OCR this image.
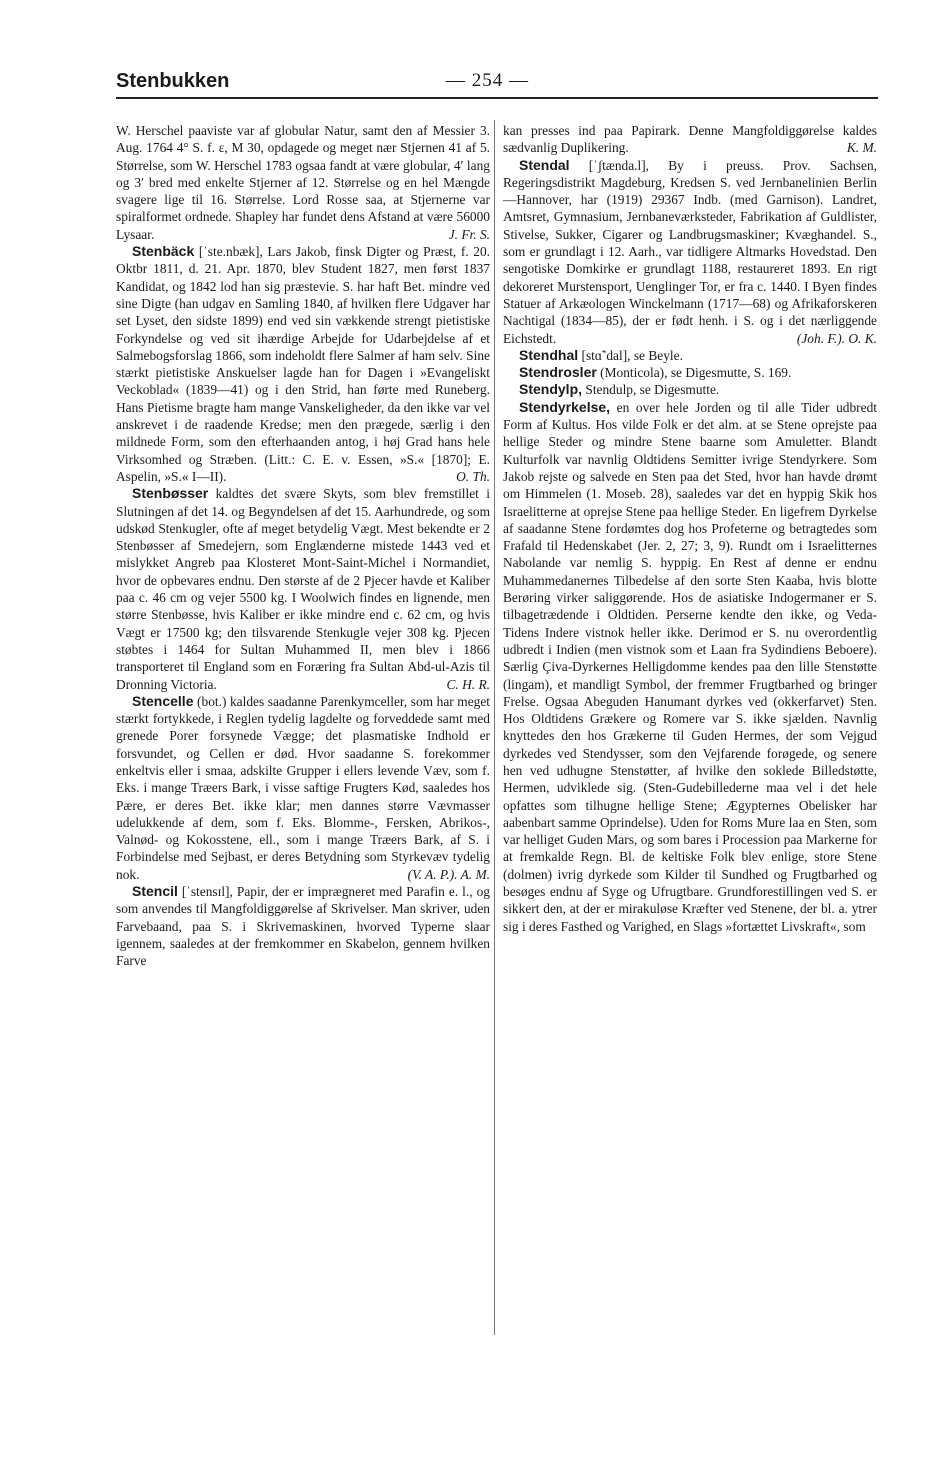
Stenbukken	— 254 —

W. Herschel paaviste var af globular Natur, samt den af Messier 3. Aug. 1764 4° S. f. ε, M 30, opdagede og meget nær Stjernen 41 af 5. Størrelse, som W. Herschel 1783 ogsaa fandt at være globular, 4′ lang og 3′ bred med enkelte Stjerner af 12. Størrelse og en hel Mængde svagere lige til 16. Størrelse. Lord Rosse saa, at Stjernerne var spiralformet ordnede. Shapley har fundet dens Afstand at være 56000 Lysaar.	J. Fr. S.

Stenbäck [ˈste.nbæk], Lars Jakob, finsk Digter og Præst, f. 20. Oktbr 1811, d. 21. Apr. 1870, blev Student 1827, men først 1837 Kandidat, og 1842 lod han sig præstevie. S. har haft Bet. mindre ved sine Digte (han udgav en Samling 1840, af hvilken flere Udgaver har set Lyset, den sidste 1899) end ved sin vækkende strengt pietistiske Forkyndelse og ved sit ihærdige Arbejde for Udarbejdelse af et Salmebogsforslag 1866, som indeholdt flere Salmer af ham selv. Sine stærkt pietistiske Anskuelser lagde han for Dagen i »Evangeliskt Veckoblad« (1839—41) og i den Strid, han førte med Runeberg. Hans Pietisme bragte ham mange Vanskeligheder, da den ikke var vel anskrevet i de raadende Kredse; men den prægede, særlig i den mildnede Form, som den efterhaanden antog, i høj Grad hans hele Virksomhed og Stræben. (Litt.: C. E. v. Essen, »S.« [1870]; E. Aspelin, »S.« I—II).	O. Th.

Stenbøsser kaldtes det svære Skyts, som blev fremstillet i Slutningen af det 14. og Begyndelsen af det 15. Aarhundrede, og som udskød Stenkugler, ofte af meget betydelig Vægt. Mest bekendte er 2 Stenbøsser af Smedejern, som Englænderne mistede 1443 ved et mislykket Angreb paa Klosteret Mont-Saint-Michel i Normandiet, hvor de opbevares endnu. Den største af de 2 Pjecer havde et Kaliber paa c. 46 cm og vejer 5500 kg. I Woolwich findes en lignende, men større Stenbøsse, hvis Kaliber er ikke mindre end c. 62 cm, og hvis Vægt er 17500 kg; den tilsvarende Stenkugle vejer 308 kg. Pjecen støbtes i 1464 for Sultan Muhammed II, men blev i 1866 transporteret til England som en Foræring fra Sultan Abd-ul-Azis til Dronning Victoria.	C. H. R.

Stencelle (bot.) kaldes saadanne Parenkymceller, som har meget stærkt fortykkede, i Reglen tydelig lagdelte og forveddede samt med grenede Porer forsynede Vægge; det plasmatiske Indhold er forsvundet, og Cellen er død. Hvor saadanne S. forekommer enkeltvis eller i smaa, adskilte Grupper i ellers levende Væv, som f. Eks. i mange Træers Bark, i visse saftige Frugters Kød, saaledes hos Pære, er deres Bet. ikke klar; men dannes større Vævmasser udelukkende af dem, som f. Eks. Blomme-, Fersken, Abrikos-, Valnød- og Kokosstene, ell., som i mange Træers Bark, af S. i Forbindelse med Sejbast, er deres Betydning som Styrkevæv tydelig nok.	(V. A. P.). A. M.

Stencil [ˈstensɪl], Papir, der er imprægneret med Parafin e. l., og som anvendes til Mangfoldiggørelse af Skrivelser. Man skriver, uden Farvebaand, paa S. i Skrivemaskinen, hvorved Typerne slaar igennem, saaledes at der fremkommer en Skabelon, gennem hvilken Farve

kan presses ind paa Papirark. Denne Mangfoldiggørelse kaldes sædvanlig Duplikering.	K. M.

Stendal [ˈʃtænda.l], By i preuss. Prov. Sachsen, Regeringsdistrikt Magdeburg, Kredsen S. ved Jernbanelinien Berlin—Hannover, har (1919) 29367 Indb. (med Garnison). Landret, Amtsret, Gymnasium, Jernbaneværksteder, Fabrikation af Guldlister, Stivelse, Sukker, Cigarer og Landbrugsmaskiner; Kvæghandel. S., som er grundlagt i 12. Aarh., var tidligere Altmarks Hovedstad. Den sengotiske Domkirke er grundlagt 1188, restaureret 1893. En rigt dekoreret Murstensport, Uenglinger Tor, er fra c. 1440. I Byen findes Statuer af Arkæologen Winckelmann (1717—68) og Afrikaforskeren Nachtigal (1834—85), der er født henh. i S. og i det nærliggende Eichstedt.	(Joh. F.). O. K.

Stendhal [stɑ̃ˈdal], se Beyle.

Stendrosler (Monticola), se Digesmutte, S. 169.

Stendylp, Stendulp, se Digesmutte.

Stendyrkelse, en over hele Jorden og til alle Tider udbredt Form af Kultus. Hos vilde Folk er det alm. at se Stene oprejste paa hellige Steder og mindre Stene baarne som Amuletter. Blandt Kulturfolk var navnlig Oldtidens Semitter ivrige Stendyrkere. Som Jakob rejste og salvede en Sten paa det Sted, hvor han havde drømt om Himmelen (1. Moseb. 28), saaledes var det en hyppig Skik hos Israelitterne at oprejse Stene paa hellige Steder. En ligefrem Dyrkelse af saadanne Stene fordømtes dog hos Profeterne og betragtedes som Frafald til Hedenskabet (Jer. 2, 27; 3, 9). Rundt om i Israelitternes Nabolande var nemlig S. hyppig. En Rest af denne er endnu Muhammedanernes Tilbedelse af den sorte Sten Kaaba, hvis blotte Berøring virker saliggørende. Hos de asiatiske Indogermaner er S. tilbagetrædende i Oldtiden. Perserne kendte den ikke, og Veda-Tidens Indere vistnok heller ikke. Derimod er S. nu overordentlig udbredt i Indien (men vistnok som et Laan fra Sydindiens Beboere). Særlig Çiva-Dyrkernes Helligdomme kendes paa den lille Stenstøtte (lingam), et mandligt Symbol, der fremmer Frugtbarhed og bringer Frelse. Ogsaa Abeguden Hanumant dyrkes ved (okkerfarvet) Sten. Hos Oldtidens Grækere og Romere var S. ikke sjælden. Navnlig knyttedes den hos Grækerne til Guden Hermes, der som Vejgud dyrkedes ved Stendysser, som den Vejfarende forøgede, og senere hen ved udhugne Stenstøtter, af hvilke den soklede Billedstøtte, Hermen, udviklede sig. (Sten-Gudebillederne maa vel i det hele opfattes som tilhugne hellige Stene; Ægypternes Obelisker har aabenbart samme Oprindelse). Uden for Roms Mure laa en Sten, som var helliget Guden Mars, og som bares i Procession paa Markerne for at fremkalde Regn. Bl. de keltiske Folk blev enlige, store Stene (dolmen) ivrig dyrkede som Kilder til Sundhed og Frugtbarhed og besøges endnu af Syge og Ufrugtbare. Grundforestillingen ved S. er sikkert den, at der er mirakuløse Kræfter ved Stenene, der bl. a. ytrer sig i deres Fasthed og Varighed, en Slags »fortættet Livskraft«, som
